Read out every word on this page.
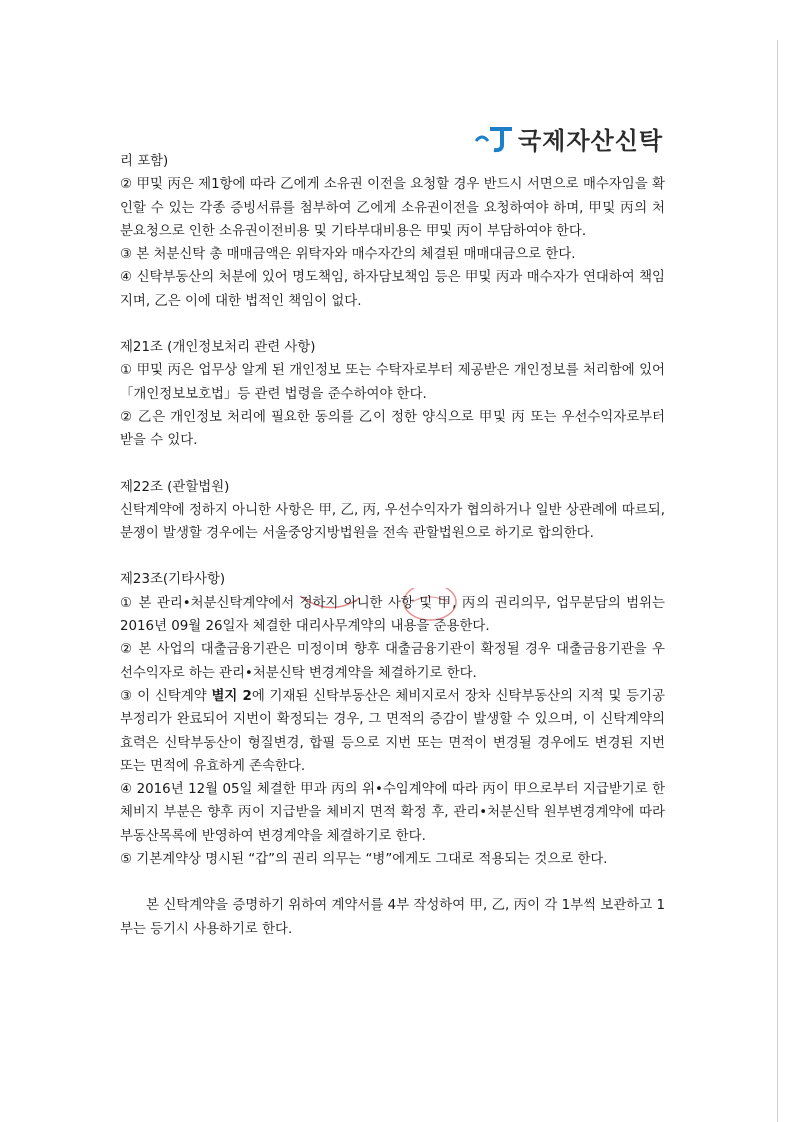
국제자산신탁

리 포함)

② 甲및 丙은 제1항에 따라 乙에게 소유권 이전을 요청할 경우 반드시 서면으로 매수자임을 확인할 수 있는 각종 증빙서류를 첨부하여 乙에게 소유권이전을 요청하여야 하며, 甲및 丙의 처분요청으로 인한 소유권이전비용 및 기타부대비용은 甲및 丙이 부담하여야 한다.

③ 본 처분신탁 총 매매금액은 위탁자와 매수자간의 체결된 매매대금으로 한다.

④ 신탁부동산의 처분에 있어 명도책임, 하자담보책임 등은 甲및 丙과 매수자가 연대하여 책임지며, 乙은 이에 대한 법적인 책임이 없다.

제21조 (개인정보처리 관련 사항)

① 甲및 丙은 업무상 알게 된 개인정보 또는 수탁자로부터 제공받은 개인정보를 처리함에 있어 「개인정보보호법」등 관련 법령을 준수하여야 한다.

② 乙은 개인정보 처리에 필요한 동의를 乙이 정한 양식으로 甲및 丙 또는 우선수익자로부터 받을 수 있다.

제22조 (관할법원)

신탁계약에 정하지 아니한 사항은 甲, 乙, 丙, 우선수익자가 협의하거나 일반 상관례에 따르되, 분쟁이 발생할 경우에는 서울중앙지방법원을 전속 관할법원으로 하기로 합의한다.

제23조(기타사항)

① 본 관리•처분신탁계약에서 정하지 아니한 사항 및 甲, 丙의 권리의무, 업무분담의 범위는 2016년 09월 26일자 체결한 대리사무계약의 내용을 준용한다.

② 본 사업의 대출금융기관은 미정이며 향후 대출금융기관이 확정될 경우 대출금융기관을 우선수익자로 하는 관리•처분신탁 변경계약을 체결하기로 한다.

③ 이 신탁계약 별지 2에 기재된 신탁부동산은 체비지로서 장차 신탁부동산의 지적 및 등기공부정리가 완료되어 지번이 확정되는 경우, 그 면적의 증감이 발생할 수 있으며, 이 신탁계약의 효력은 신탁부동산이 형질변경, 합필 등으로 지번 또는 면적이 변경될 경우에도 변경된 지번 또는 면적에 유효하게 존속한다.

④ 2016년 12월 05일 체결한 甲과 丙의 위•수임계약에 따라 丙이 甲으로부터 지급받기로 한 체비지 부분은 향후 丙이 지급받을 체비지 면적 확정 후, 관리•처분신탁 원부변경계약에 따라 부동산목록에 반영하여 변경계약을 체결하기로 한다.

⑤ 기본계약상 명시된 “갑”의 권리 의무는 “병”에게도 그대로 적용되는 것으로 한다.

본 신탁계약을 증명하기 위하여 계약서를 4부 작성하여 甲, 乙, 丙이 각 1부씩 보관하고 1부는 등기시 사용하기로 한다.
